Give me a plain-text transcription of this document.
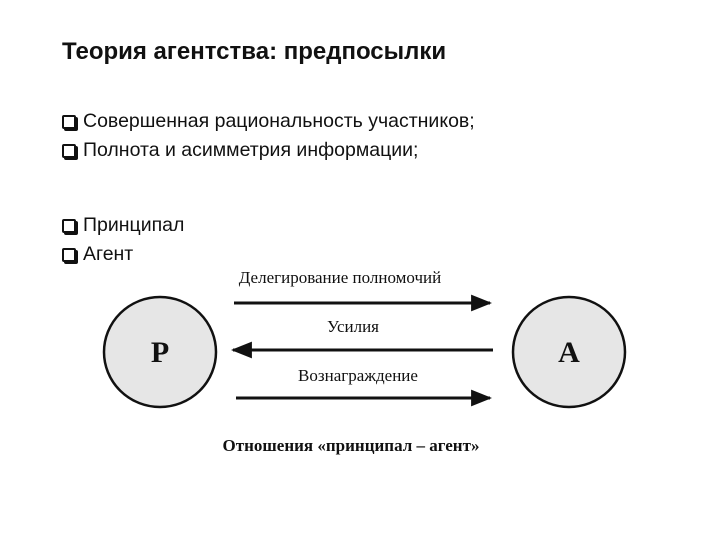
Теория агентства: предпосылки
Совершенная рациональность участников;
Полнота и асимметрия информации;
Принципал
Агент
P	A
Делегирование полномочий
Усилия
Вознаграждение
Отношения «принципал – агент»
